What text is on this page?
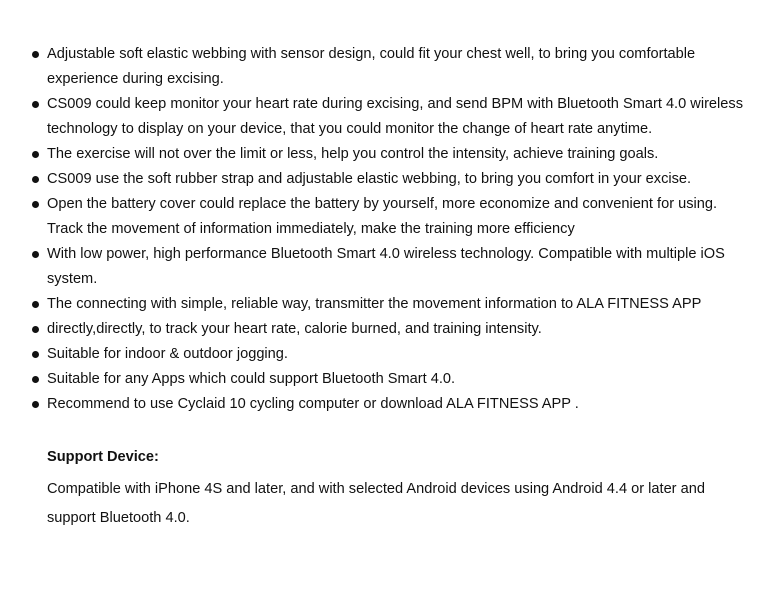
Adjustable soft elastic webbing with sensor design, could fit your chest well, to bring you comfortable experience during excising.
CS009 could keep monitor your heart rate during excising, and send BPM with Bluetooth Smart 4.0 wireless technology to display on your device, that you could monitor the change of heart rate anytime.
The exercise will not over the limit or less, help you control the intensity, achieve training goals.
CS009 use the soft rubber strap and adjustable elastic webbing, to bring you comfort in your excise.
Open the battery cover could replace the battery by yourself, more economize and convenient for using. Track the movement of information immediately, make the training more efficiency
With low power, high performance Bluetooth Smart 4.0 wireless technology. Compatible with multiple iOS system.
The connecting with simple, reliable way, transmitter the movement information to ALA FITNESS APP
directly,directly, to track your heart rate, calorie burned, and training intensity.
Suitable for indoor & outdoor jogging.
Suitable for any Apps which could support Bluetooth Smart 4.0.
Recommend to use Cyclaid 10 cycling computer or download ALA FITNESS APP .

Support Device:

Compatible with iPhone 4S and later, and with selected Android devices using Android 4.4 or later and support Bluetooth 4.0.
